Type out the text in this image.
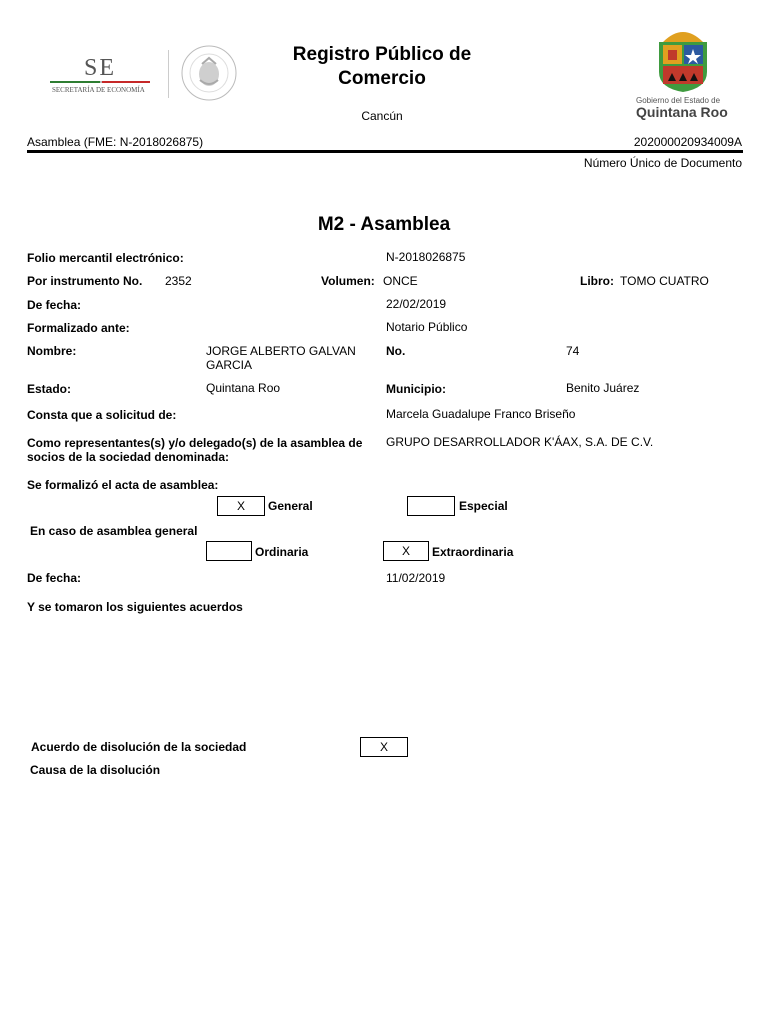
SE
SECRETARÍA DE ECONOMÍA
Registro Público de
Comercio
Cancún
Gobierno del Estado de
Quintana Roo
Asamblea (FME: N-2018026875)	202000020934009A
Número Único de Documento
M2 - Asamblea
Folio mercantil electrónico:	N-2018026875
Por instrumento No. 2352	Volumen: ONCE	Libro: TOMO CUATRO
De fecha:	22/02/2019
Formalizado ante:	Notario Público
Nombre:	JORGE ALBERTO GALVAN GARCIA
No.	74
Estado:	Quintana Roo	Municipio:	Benito Juárez
Consta que a solicitud de:	Marcela Guadalupe Franco Briseño
Como representantes(s) y/o delegado(s) de la asamblea de socios de la sociedad denominada:
GRUPO DESARROLLADOR K'ÁAX, S.A. DE C.V.
Se formalizó el acta de asamblea:
X	General	Especial
En caso de asamblea general
Ordinaria	X	Extraordinaria
De fecha:	11/02/2019
Y se tomaron los siguientes acuerdos
Acuerdo de disolución de la sociedad	X
Causa de la disolución
